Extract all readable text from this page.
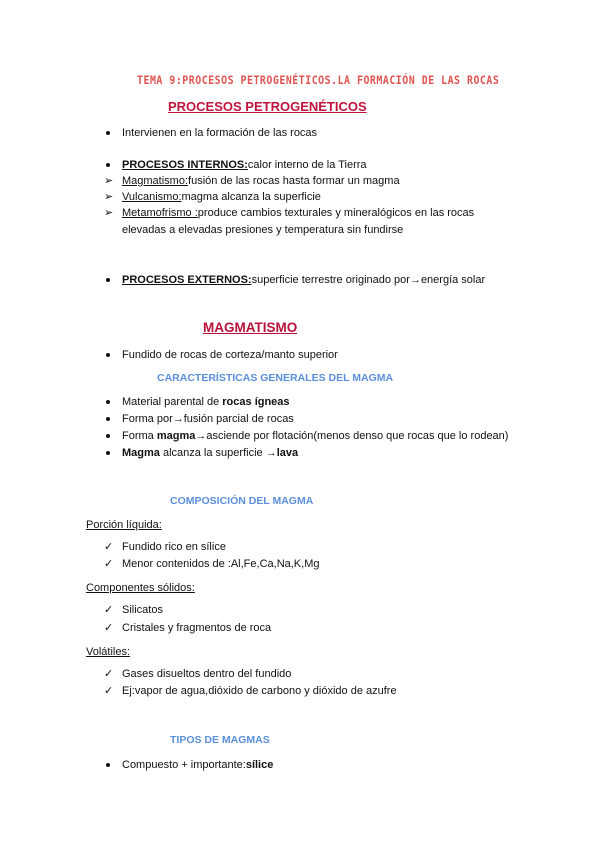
TEMA 9:PROCESOS PETROGENÉTICOS.LA FORMACIÓN DE LAS ROCAS
PROCESOS PETROGENÉTICOS
Intervienen en la formación de las rocas
PROCESOS INTERNOS:calor interno de la Tierra
➢ Magmatismo:fusión de las rocas hasta formar un magma
➢ Vulcanismo:magma alcanza la superficie
➢ Metamofrismo :produce cambios texturales y mineralógicos en las rocas
elevadas a elevadas presiones y temperatura sin fundirse
PROCESOS EXTERNOS:superficie terrestre originado por→energía solar
MAGMATISMO
Fundido de rocas de corteza/manto superior
CARACTERÍSTICAS GENERALES DEL MAGMA
Material parental de rocas ígneas
Forma por→fusión parcial de rocas
Forma magma→asciende por flotación(menos denso que rocas que lo rodean)
Magma alcanza la superficie →lava
COMPOSICIÓN DEL MAGMA
Porción líquida:
✓ Fundido rico en sílice
✓ Menor contenidos de :Al,Fe,Ca,Na,K,Mg
Componentes sólidos:
✓ Silicatos
✓ Cristales y fragmentos de roca
Volátiles:
✓ Gases disueltos dentro del fundido
✓ Ej:vapor de agua,dióxido de carbono y dióxido de azufre
TIPOS DE MAGMAS
Compuesto + importante:sílice
